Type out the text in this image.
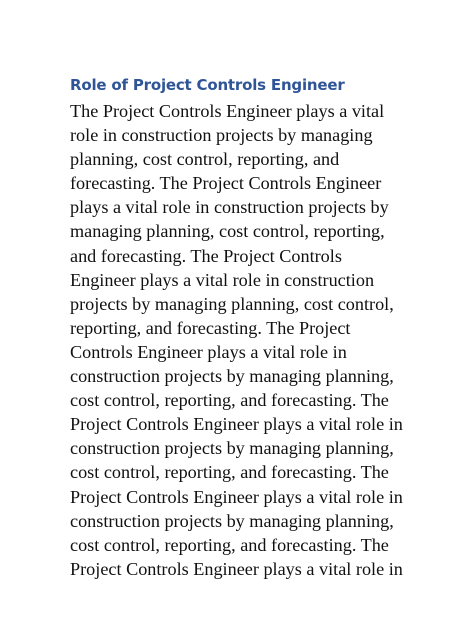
Role of Project Controls Engineer
The Project Controls Engineer plays a vital
role in construction projects by managing
planning, cost control, reporting, and
forecasting. The Project Controls Engineer
plays a vital role in construction projects by
managing planning, cost control, reporting,
and forecasting. The Project Controls
Engineer plays a vital role in construction
projects by managing planning, cost control,
reporting, and forecasting. The Project
Controls Engineer plays a vital role in
construction projects by managing planning,
cost control, reporting, and forecasting. The
Project Controls Engineer plays a vital role in
construction projects by managing planning,
cost control, reporting, and forecasting. The
Project Controls Engineer plays a vital role in
construction projects by managing planning,
cost control, reporting, and forecasting. The
Project Controls Engineer plays a vital role in
